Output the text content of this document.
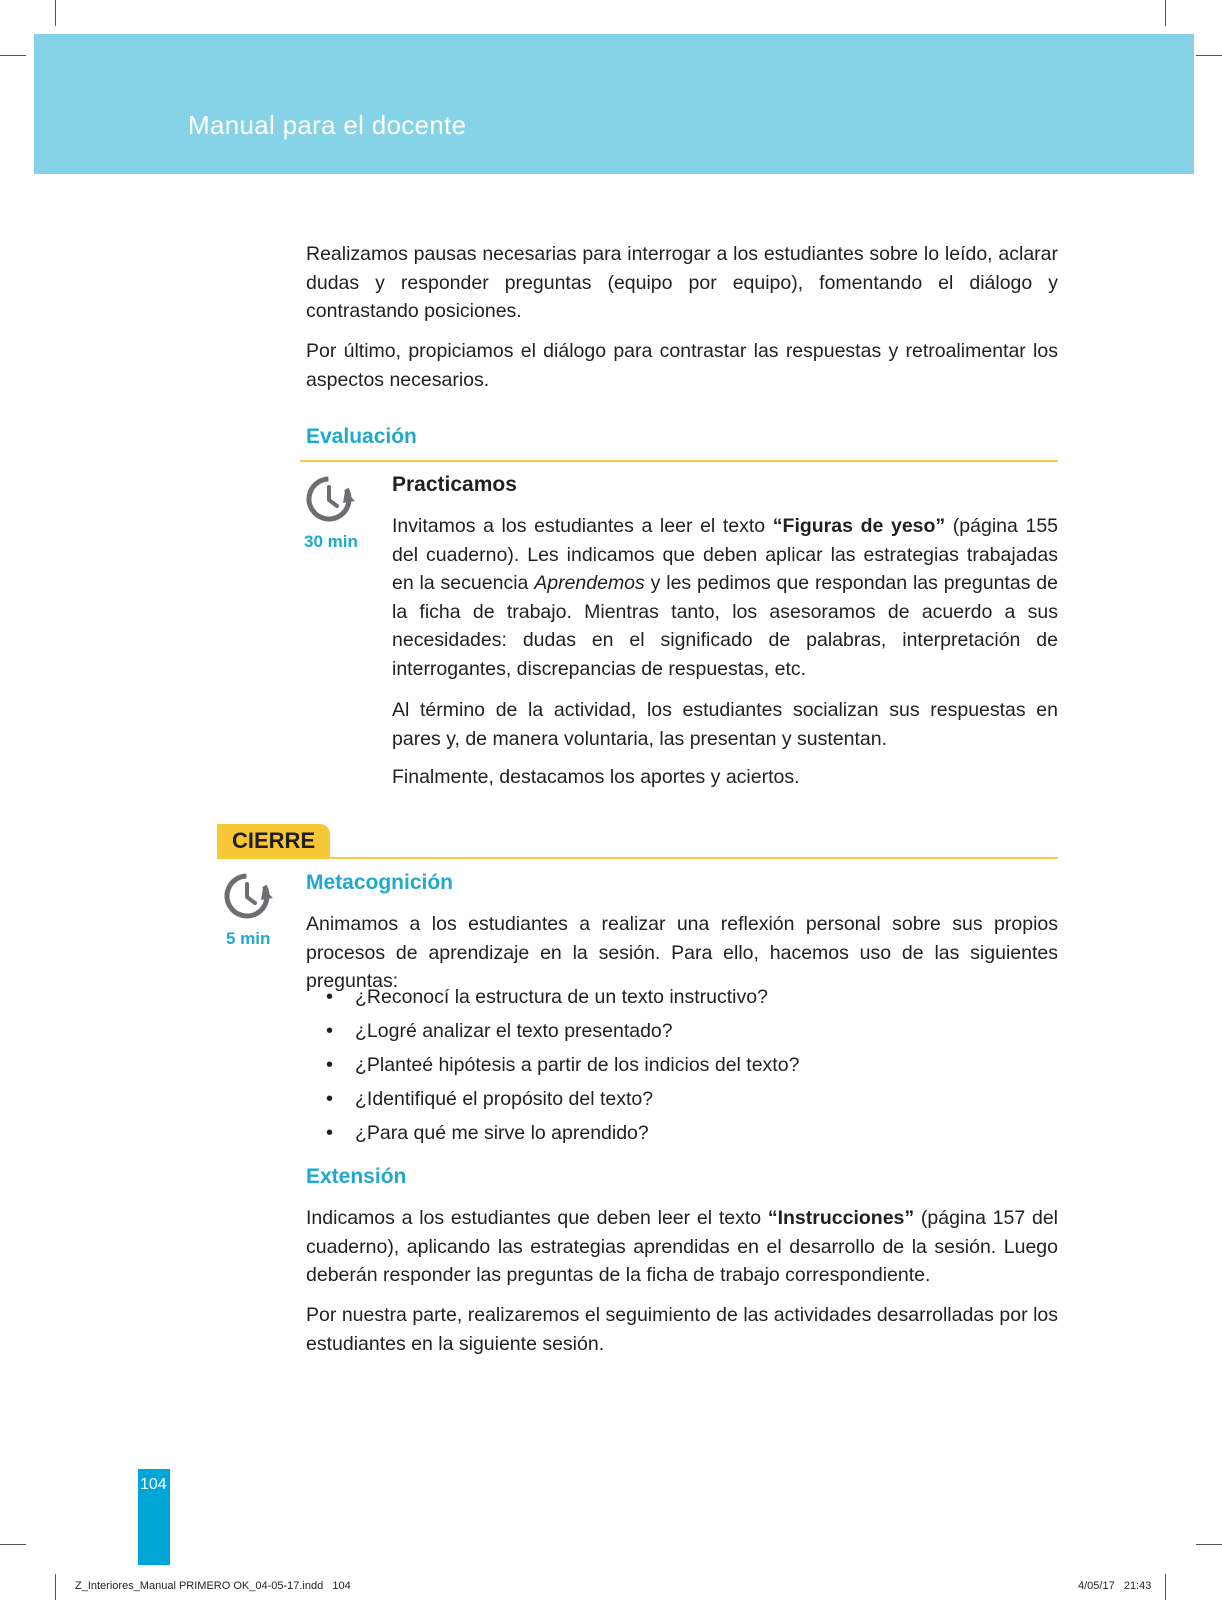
Manual para el docente

Realizamos pausas necesarias para interrogar a los estudiantes sobre lo leído, aclarar dudas y responder preguntas (equipo por equipo), fomentando el diálogo y contrastando posiciones.

Por último, propiciamos el diálogo para contrastar las respuestas y retroalimentar los aspectos necesarios.

Evaluación
30 min
Practicamos

Invitamos a los estudiantes a leer el texto “Figuras de yeso” (página 155 del cuaderno). Les indicamos que deben aplicar las estrategias trabajadas en la secuencia Aprendemos y les pedimos que respondan las preguntas de la ficha de trabajo. Mientras tanto, los asesoramos de acuerdo a sus necesidades: dudas en el significado de palabras, interpretación de interrogantes, discrepancias de respuestas, etc.

Al término de la actividad, los estudiantes socializan sus respuestas en pares y, de manera voluntaria, las presentan y sustentan.

Finalmente, destacamos los aportes y aciertos.

CIERRE
5 min
Metacognición

Animamos a los estudiantes a realizar una reflexión personal sobre sus propios procesos de aprendizaje en la sesión. Para ello, hacemos uso de las siguientes preguntas:

• ¿Reconocí la estructura de un texto instructivo?
• ¿Logré analizar el texto presentado?
• ¿Planteé hipótesis a partir de los indicios del texto?
• ¿Identifiqué el propósito del texto?
• ¿Para qué me sirve lo aprendido?
Extensión

Indicamos a los estudiantes que deben leer el texto “Instrucciones” (página 157 del cuaderno), aplicando las estrategias aprendidas en el desarrollo de la sesión. Luego deberán responder las preguntas de la ficha de trabajo correspondiente.

Por nuestra parte, realizaremos el seguimiento de las actividades desarrolladas por los estudiantes en la siguiente sesión.

104
Z_Interiores_Manual PRIMERO OK_04-05-17.indd   104	4/05/17   21:43
